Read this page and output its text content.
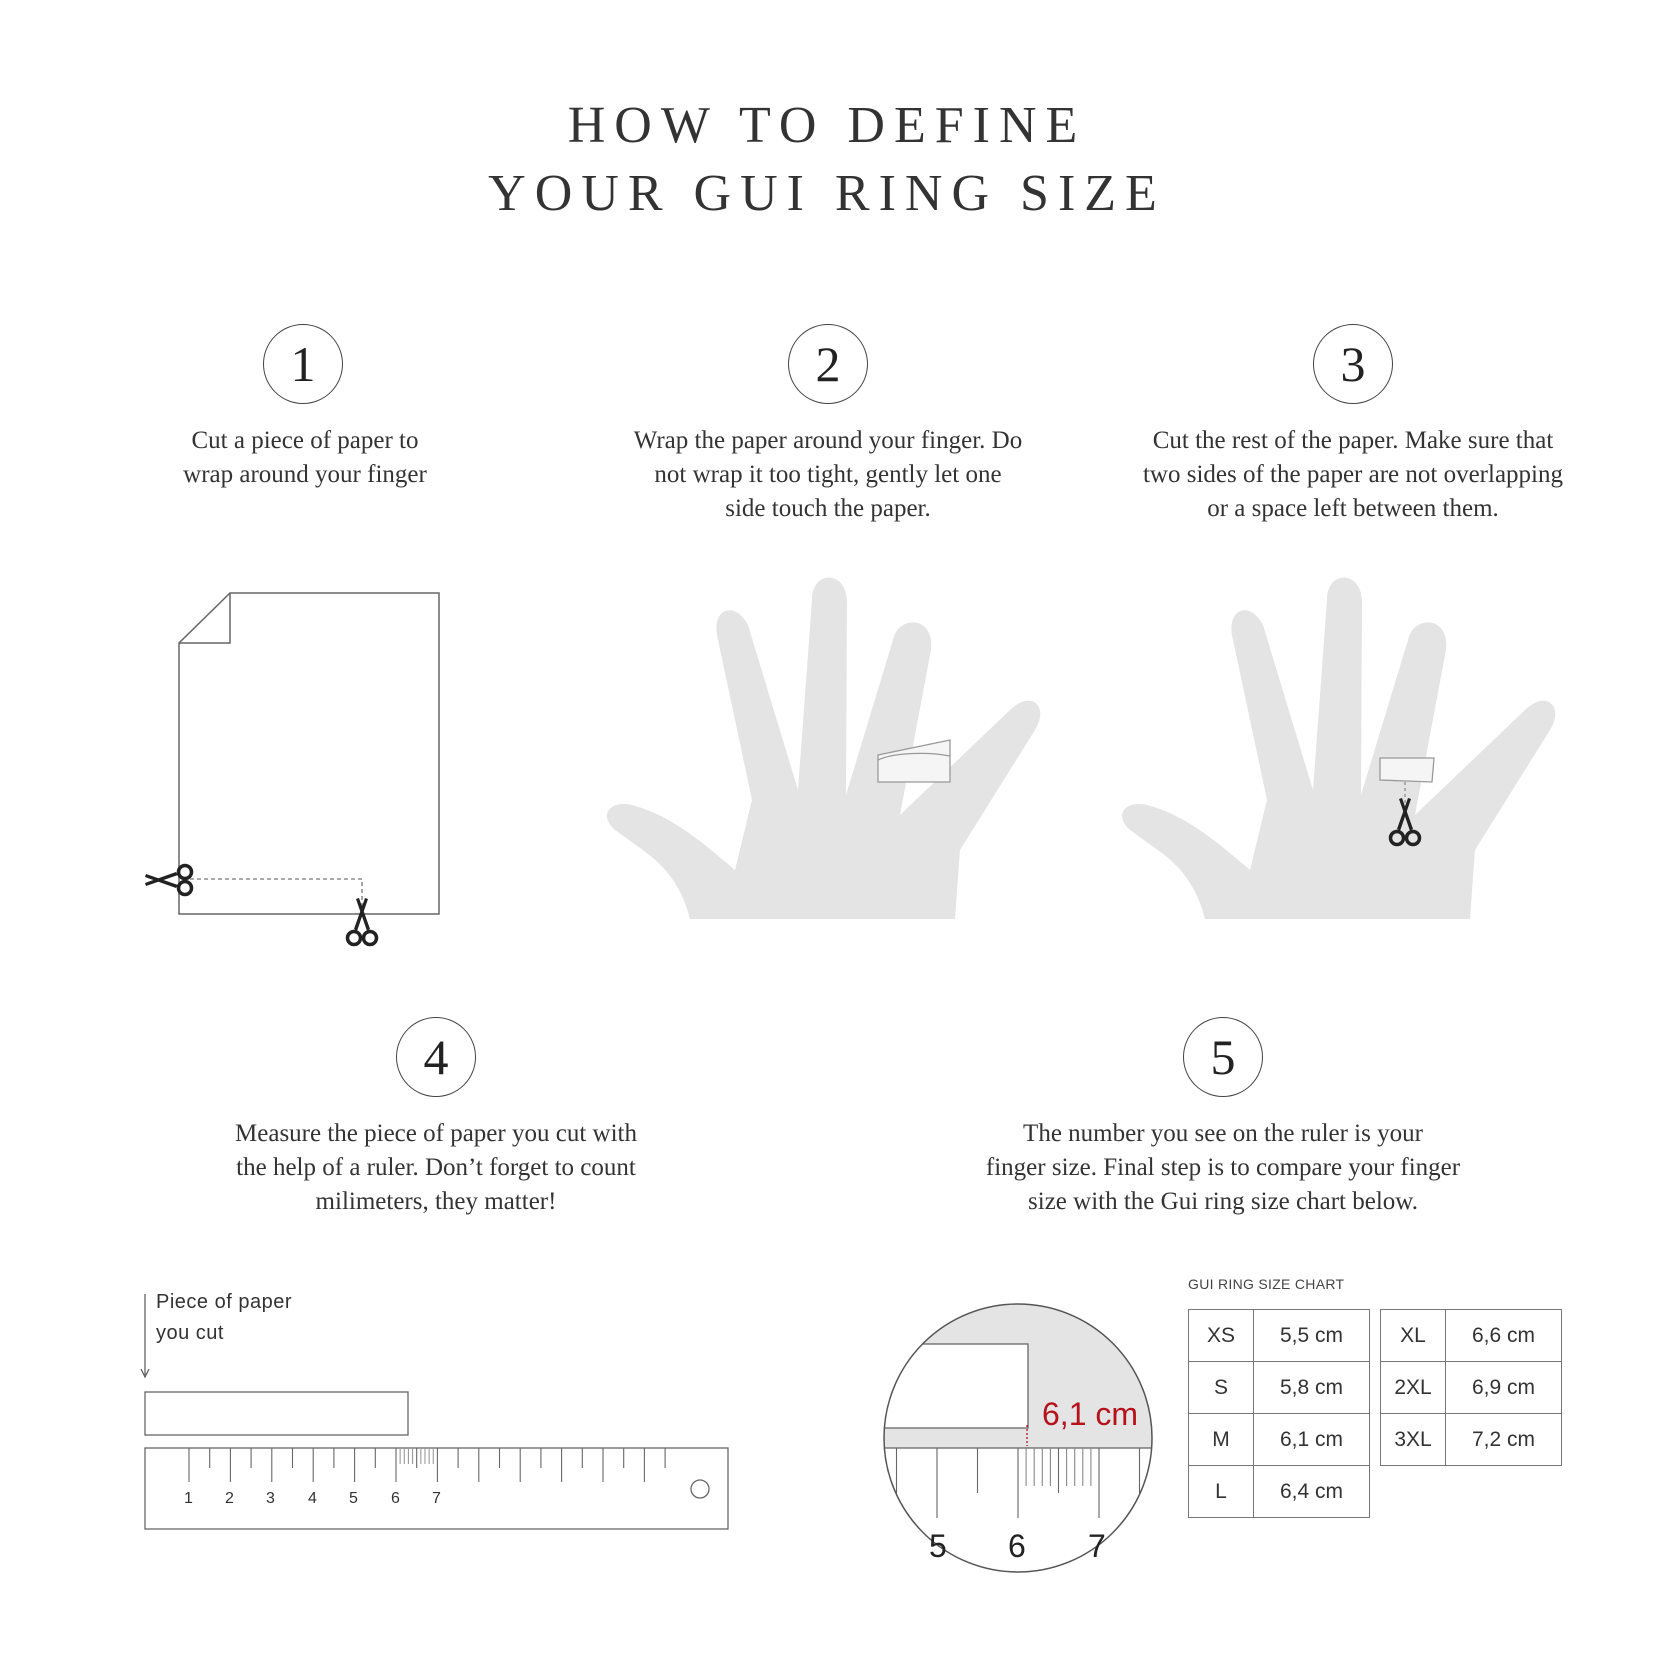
HOW TO DEFINE
YOUR GUI RING SIZE
1	2	3
4	5
Cut a piece of paper to
wrap around your finger
Wrap the paper around your finger. Do
not wrap it too tight, gently let one
side touch the paper.
Cut the rest of the paper. Make sure that
two sides of the paper are not overlapping
or a space left between them.
Measure the piece of paper you cut with
the help of a ruler. Don’t forget to count
milimeters, they matter!
The number you see on the ruler is your
finger size. Final step is to compare your finger
size with the Gui ring size chart below.
1 2 3 4 5 6 7
Piece of paper
you cut
6,1 cm
5 6 7
GUI RING SIZE CHART
XS	5,5 cm
S	5,8 cm
M	6,1 cm
L	6,4 cm
XL	6,6 cm
2XL	6,9 cm
3XL	7,2 cm
